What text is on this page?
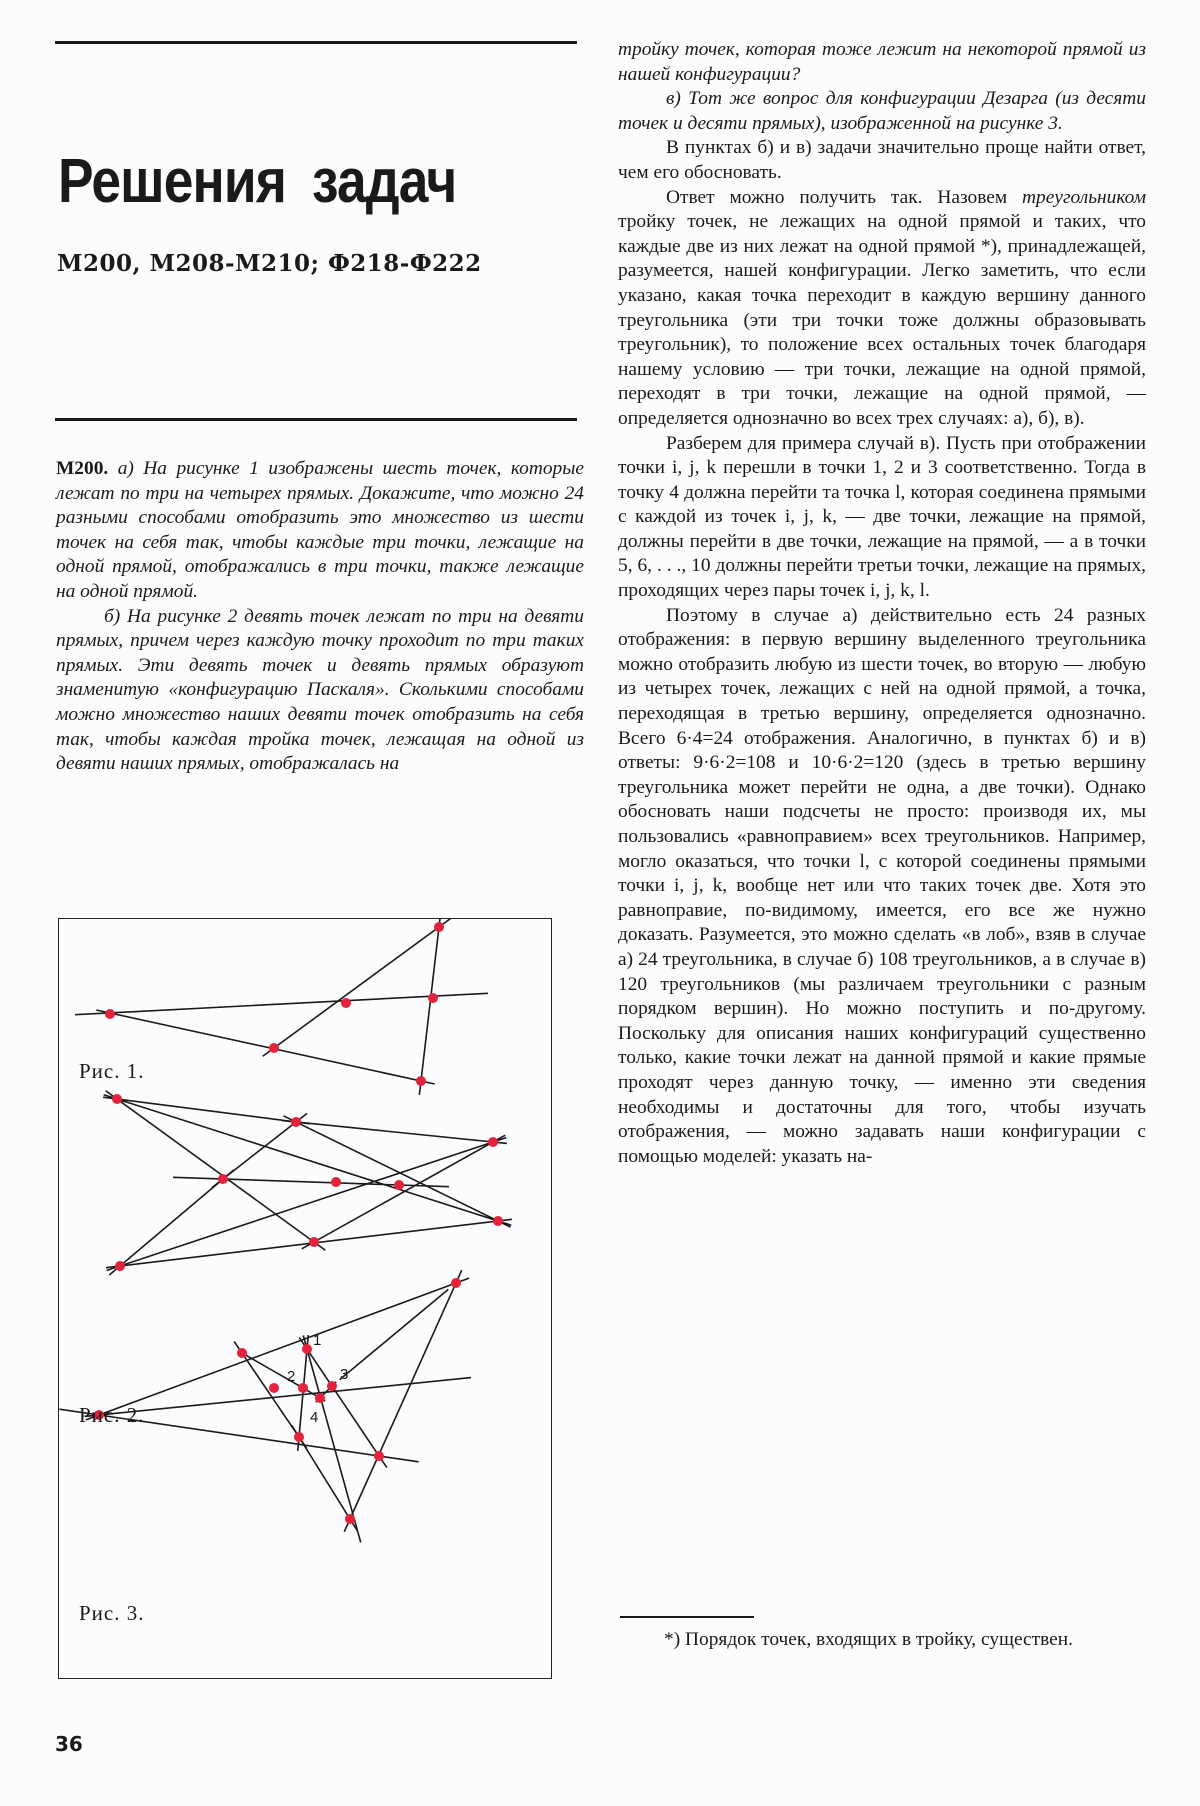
Решения задач
M200, M208-M210; Ф218-Ф222

M200. а) На рисунке 1 изображены шесть точек, которые лежат по три на четырех прямых. Докажите, что можно 24 разными способами отобразить это множество из шести точек на себя так, чтобы каждые три точки, лежащие на одной прямой, отображались в три точки, также лежащие на одной прямой.

б) На рисунке 2 девять точек лежат по три на девяти прямых, причем через каждую точку проходит по три таких прямых. Эти девять точек и девять прямых образуют знаменитую «конфигурацию Паскаля». Сколькими способами можно множество наших девяти точек отобразить на себя так, чтобы каждая тройка точек, лежащая на одной из девяти наших прямых, отображалась на

1
2	3
4
Рис. 1.
Рис. 2.
Рис. 3.

тройку точек, которая тоже лежит на некоторой прямой из нашей конфигурации?

в) Тот же вопрос для конфигурации Дезарга (из десяти точек и десяти прямых), изображенной на рисунке 3.

В пунктах б) и в) задачи значительно проще найти ответ, чем его обосновать.

Ответ можно получить так. Назовем треугольником тройку точек, не лежащих на одной прямой и таких, что каждые две из них лежат на одной прямой *), принадлежащей, разумеется, нашей конфигурации. Легко заметить, что если указано, какая точка переходит в каждую вершину данного треугольника (эти три точки тоже должны образовывать треугольник), то положение всех остальных точек благодаря нашему условию — три точки, лежащие на одной прямой, переходят в три точки, лежащие на одной прямой, — определяется однозначно во всех трех случаях: а), б), в).

Разберем для примера случай в). Пусть при отображении точки i, j, k перешли в точки 1, 2 и 3 соответственно. Тогда в точку 4 должна перейти та точка l, которая соединена прямыми с каждой из точек i, j, k, — две точки, лежащие на прямой, должны перейти в две точки, лежащие на прямой, — а в точки 5, 6, . . ., 10 должны перейти третьи точки, лежащие на прямых, проходящих через пары точек i, j, k, l.

Поэтому в случае а) действительно есть 24 разных отображения: в первую вершину выделенного треугольника можно отобразить любую из шести точек, во вторую — любую из четырех точек, лежащих с ней на одной прямой, а точка, переходящая в третью вершину, определяется однозначно. Всего 6·4=24 отображения. Аналогично, в пунктах б) и в) ответы: 9·6·2=108 и 10·6·2=120 (здесь в третью вершину треугольника может перейти не одна, а две точки). Однако обосновать наши подсчеты не просто: производя их, мы пользовались «равноправием» всех треугольников. Например, могло оказаться, что точки l, с которой соединены прямыми точки i, j, k, вообще нет или что таких точек две. Хотя это равноправие, по-видимому, имеется, его все же нужно доказать. Разумеется, это можно сделать «в лоб», взяв в случае а) 24 треугольника, в случае б) 108 треугольников, а в случае в) 120 треугольников (мы различаем треугольники с разным порядком вершин). Но можно поступить и по-другому. Поскольку для описания наших конфигураций существенно только, какие точки лежат на данной прямой и какие прямые проходят через данную точку, — именно эти сведения необходимы и достаточны для того, чтобы изучать отображения, — можно задавать наши конфигурации с помощью моделей: указать на-

*) Порядок точек, входящих в тройку, существен.

36
